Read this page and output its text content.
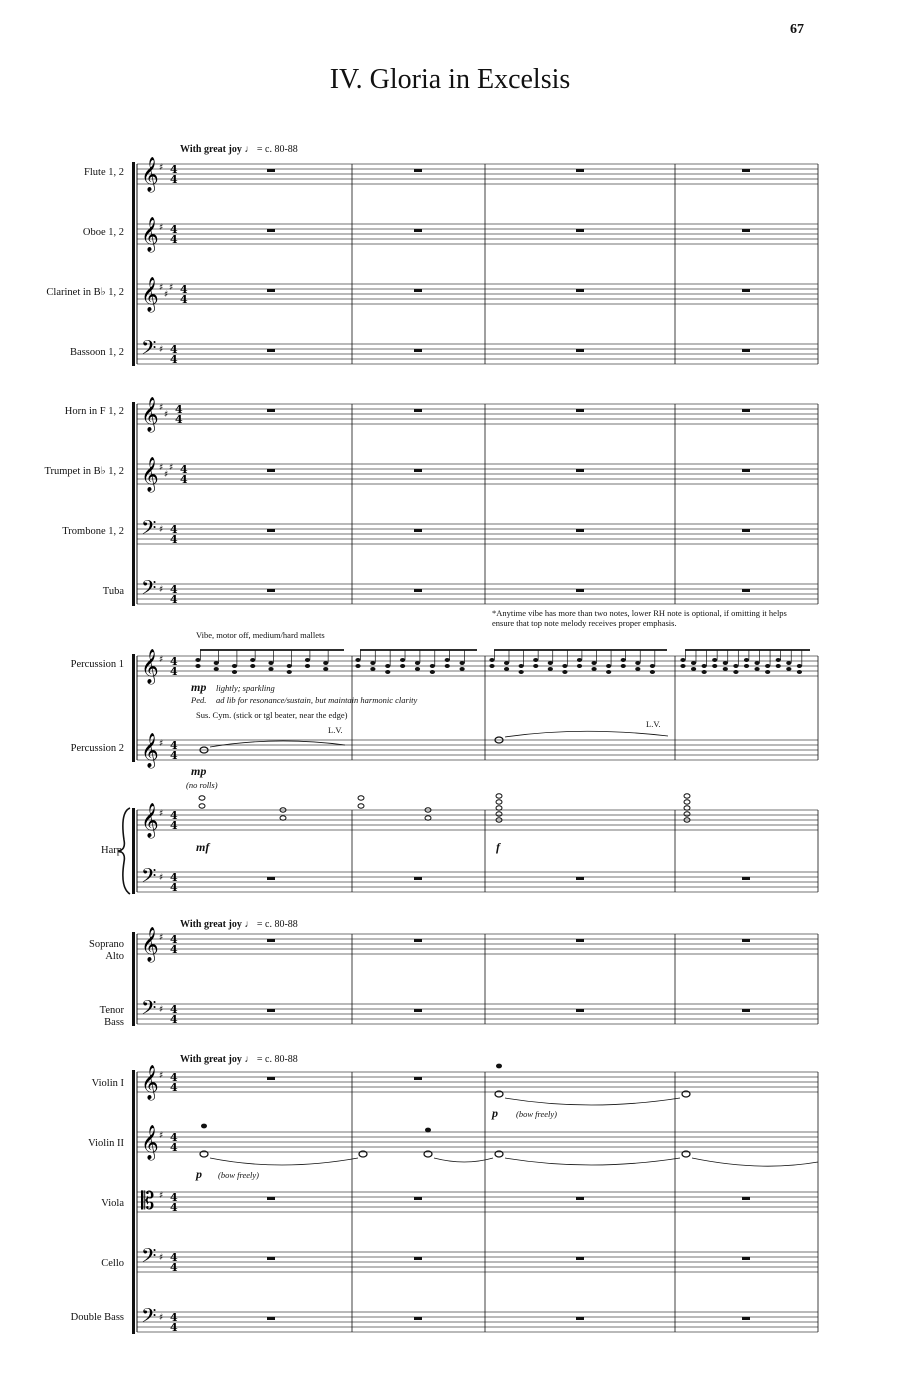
67
IV. Gloria in Excelsis
With great joy ♩ = c. 80-88
With great joy ♩ = c. 80-88
With great joy ♩ = c. 80-88
Flute 1, 2
Oboe 1, 2
Clarinet in B♭ 1, 2
Bassoon 1, 2
Horn in F 1, 2
Trumpet in B♭ 1, 2
Trombone 1, 2
Tuba
Percussion 1
Percussion 2
Harp
Soprano
Alto
Tenor
Bass
Violin I
Violin II
Viola
Cello
Double Bass
*Anytime vibe has more than two notes, lower RH note is optional, if omitting it helps ensure that top note melody receives proper emphasis.
Vibe, motor off, medium/hard mallets
mp lightly; sparkling
Ped. ad lib for resonance/sustain, but maintain harmonic clarity
Sus. Cym. (stick or tgl beater, near the edge)
L.V.
L.V.
mp
(no rolls)
mf	f
p (bow freely)
p (bow freely)
𝄞 ♯ 4
4
𝄞 ♯ 4
4
𝄞 ♯
♯
♯ 4
4
𝄢 ♯ 4
4
𝄞 ♯
♯ 4
4
𝄞 ♯
♯
♯ 4
4
𝄢 ♯ 4
4
𝄢 ♯ 4
4
𝄞 ♯ 4
4
𝄞 ♯ 4
4
𝄞 ♯ 4
4
𝄢 ♯ 4
4
𝄞 ♯ 4
4
𝄢 ♯ 4
4
𝄞 ♯ 4
4
𝄞 ♯ 4
4
𝄡 ♯ 4
4
𝄢 ♯ 4
4
𝄢 ♯ 4
4
